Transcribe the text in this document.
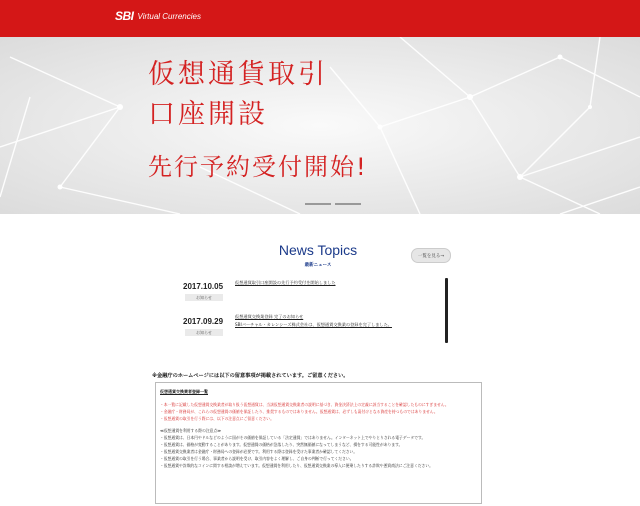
SBI Virtual Currencies
仮想通貨取引
口座開設
先行予約受付開始!
News Topics
最新ニュース
一覧を見る→
2017.10.05
お知らせ
仮想通貨取引口座開設の先行予約受付を開始しました
2017.09.29
お知らせ
仮想通貨交換業登録 完了のお知らせ
SBIバーチャル・カレンシーズ株式会社は、仮想通貨交換業の登録を完了しました。
※金融庁のホームページには以下の留意事項が掲載されています。ご留意ください。
仮想通貨交換業者登録一覧
・本一覧に記載した仮想通貨交換業者が取り扱う仮想通貨は、当該仮想通貨交換業者の説明に基づき、資金決済法上の定義に該当することを確認したものにすぎません。
・金融庁・財務局が、これらの仮想通貨の価値を保証したり、推奨するものではありません。仮想通貨は、必ずしも裏付けとなる資産を持つものではありません。
・仮想通貨の取引を行う際には、以下の注意点にご留意ください。
≪仮想通貨を利用する際の注意点≫
・仮想通貨は、日本円やドルなどのように国がその価値を保証している「法定通貨」ではありません。インターネット上でやりとりされる電子データです。
・仮想通貨は、価格が変動することがあります。仮想通貨の価格が急落したり、突然無価値になってしまうなど、損をする可能性があります。
・仮想通貨交換業者は金融庁・財務局への登録が必要です。利用する際は登録を受けた事業者か確認してください。
・仮想通貨の取引を行う場合、事業者から説明を受け、取引内容をよく理解し、ご自身の判断で行ってください。
・仮想通貨や詐欺的なコインに関する相談が増えています。仮想通貨を利用したり、仮想通貨交換業の導入に便乗したりする詐欺や悪質商法にご注意ください。
